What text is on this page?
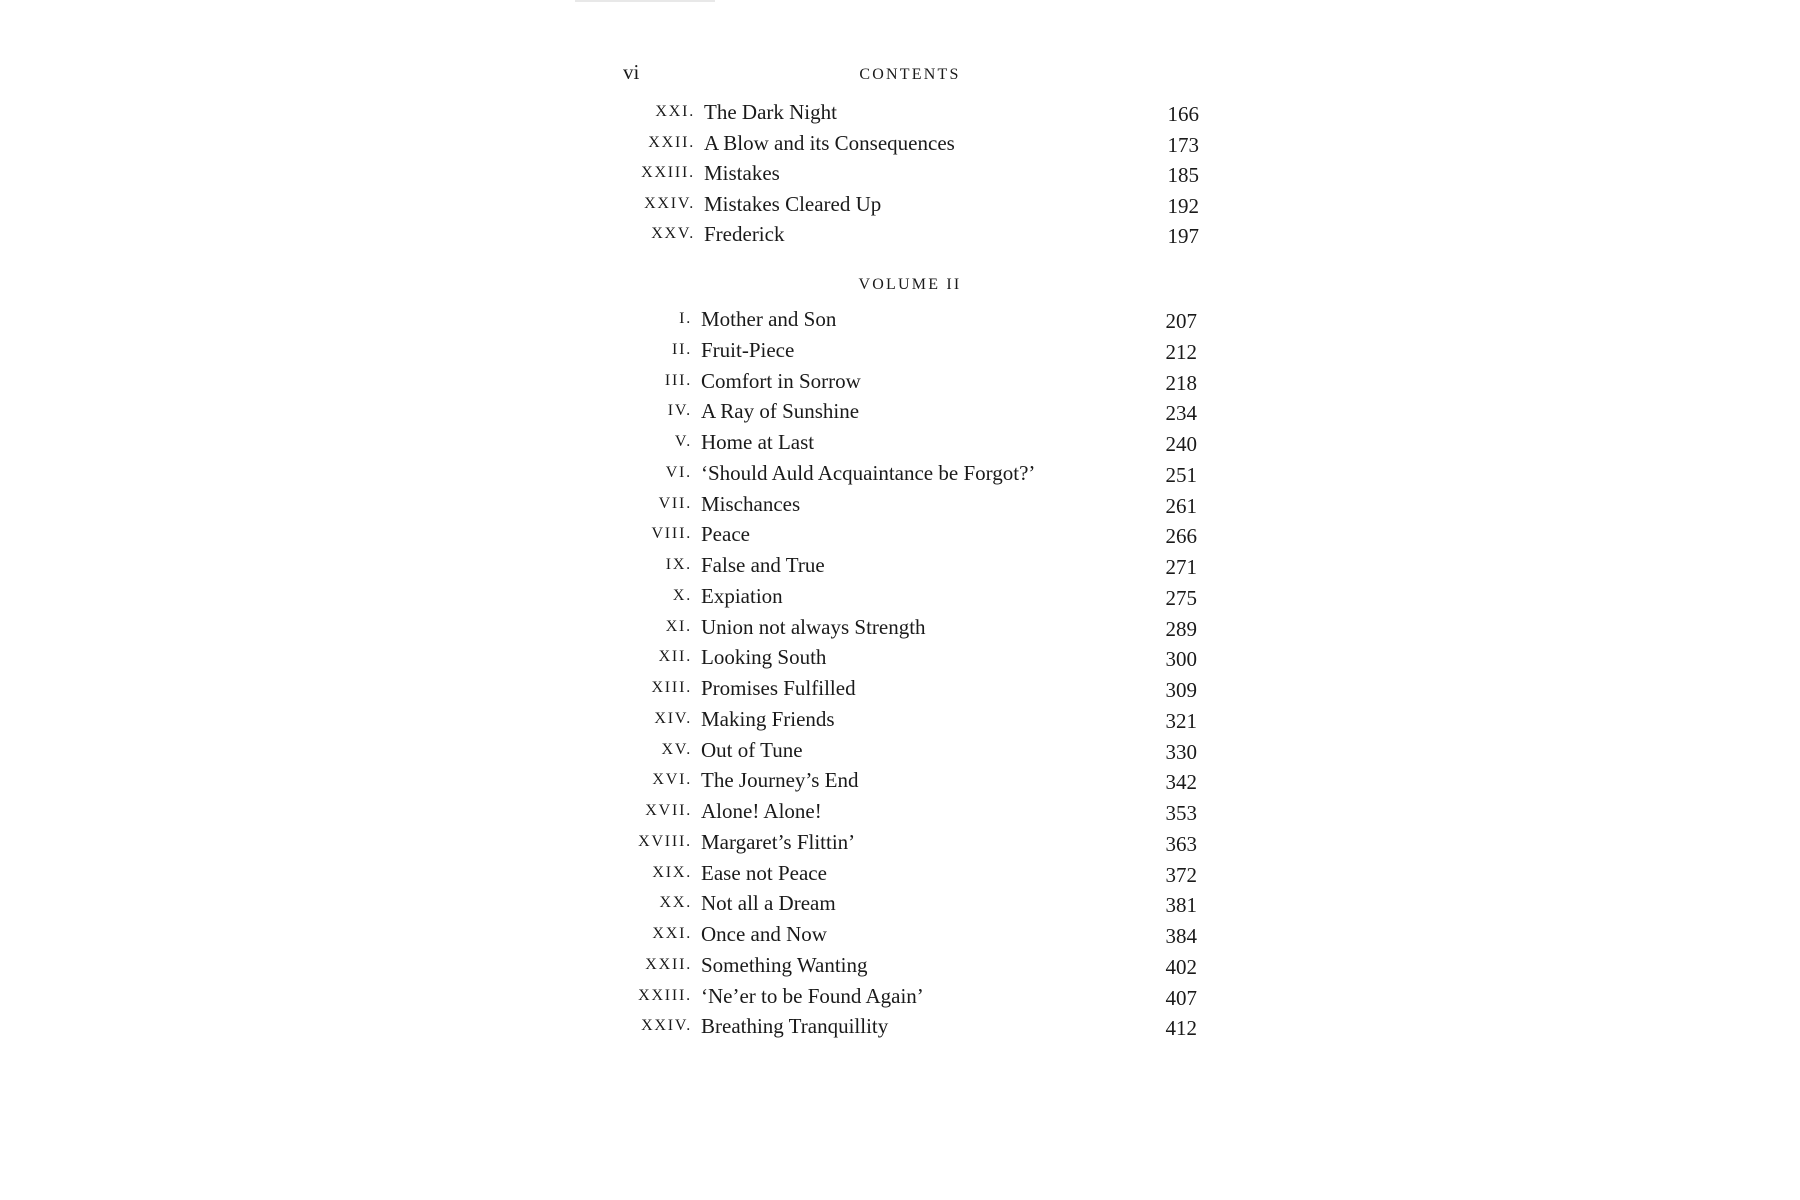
vi	CONTENTS
XXI. The Dark Night	166
XXII. A Blow and its Consequences	173
XXIII. Mistakes	185
XXIV. Mistakes Cleared Up	192
XXV. Frederick	197
VOLUME II
I. Mother and Son	207
II. Fruit-Piece	212
III. Comfort in Sorrow	218
IV. A Ray of Sunshine	234
V. Home at Last	240
VI. ‘Should Auld Acquaintance be Forgot?’	251
VII. Mischances	261
VIII. Peace	266
IX. False and True	271
X. Expiation	275
XI. Union not always Strength	289
XII. Looking South	300
XIII. Promises Fulfilled	309
XIV. Making Friends	321
XV. Out of Tune	330
XVI. The Journey’s End	342
XVII. Alone! Alone!	353
XVIII. Margaret’s Flittin’	363
XIX. Ease not Peace	372
XX. Not all a Dream	381
XXI. Once and Now	384
XXII. Something Wanting	402
XXIII. ‘Ne’er to be Found Again’	407
XXIV. Breathing Tranquillity	412
